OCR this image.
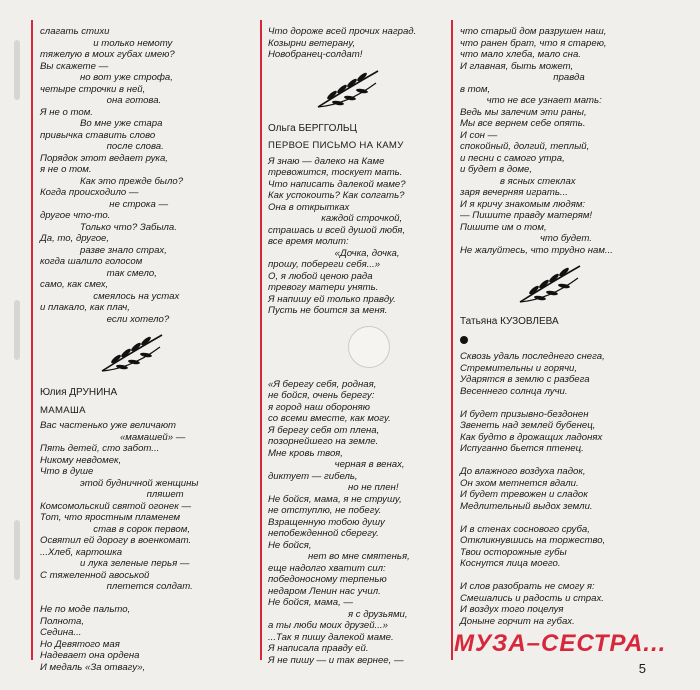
слагать стихи
и только немоту
тяжелую в моих губах имею?
Вы скажете —
но вот уже строфа,
четыре строчки в ней,
она готова.
Я не о том.
Во мне уже стара
привычка ставить слово
после слова.
Порядок этот ведает рука,
я не о том.
Как это прежде было?
Когда происходило —
не строка —
другое что-то.
Только что? Забыла.
Да, то, другое,
разве знало страх,
когда шалило голосом
так смело,
само, как смех,
смеялось на устах
и плакало, как плач,
если хотело?
Юлия ДРУНИНА
МАМАША
Вас частенько уже величают
«мамашей» —
Пять детей, сто забот...
Никому невдомек,
Что в душе
этой будничной женщины
пляшет
Комсомольский святой огонек —
Тот, что яростным пламенем
став в сорок первом,
Освятил ей дорогу в военкомат.
...Хлеб, картошка
и лука зеленые перья —
С тяжеленной авоськой
плетется солдат.
Не по моде пальто,
Полнота,
Седина...
Но Девятого мая
Надевает она ордена
И медаль «За отвагу»,
Что дороже всей прочих наград.
Козырни ветерану,
Новобранец-солдат!
Ольга БЕРГГОЛЬЦ
ПЕРВОЕ ПИСЬМО НА КАМУ
Я знаю — далеко на Каме
тревожится, тоскует мать.
Что написать далекой маме?
Как успокоить? Как солгать?
Она в открытках
каждой строчкой,
страшась и всей душой любя,
все время молит:
«Дочка, дочка,
прошу, побереги себя...»
О, я любой ценою рада
тревогу матери унять.
Я напишу ей только правду.
Пусть не боится за меня.
«Я берегу себя, родная,
не бойся, очень берегу:
я город наш обороняю
со всеми вместе, как могу.
Я берегу себя от плена,
позорнейшего на земле.
Мне кровь твоя,
черная в венах,
диктует — гибель,
но не плен!
Не бойся, мама, я не струшу,
не отступлю, не побегу.
Взращенную тобою душу
непобежденной сберегу.
Не бойся,
нет во мне смятенья,
еще надолго хватит сил:
победоносному терпенью
недаром Ленин нас учил.
Не бойся, мама, —
я с друзьями,
а ты люби моих друзей...»
...Так я пишу далекой маме.
Я написала правду ей.
Я не пишу — и так вернее, —
что старый дом разрушен наш,
что ранен брат, что я старею,
что мало хлеба, мало сна.
И главная, быть может,
правда
в том,
что не все узнает мать:
Ведь мы залечим эти раны,
Мы все вернем себе опять.
И сон —
спокойный, долгий, теплый,
и песни с самого утра,
и будет в доме,
в ясных стеклах
заря вечерняя играть...
И я кричу знакомым людям:
— Пишите правду матерям!
Пишите им о том,
что будет.
Не жалуйтесь, что трудно нам...
Татьяна КУЗОВЛЕВА
Сквозь удаль последнего снега,
Стремительны и горячи,
Ударятся в землю с разбега
Весеннего солнца лучи.
И будет призывно-бездонен
Звенеть над землей бубенец,
Как будто в дрожащих ладонях
Испуганно бьется птенец.
До влажного воздуха падок,
Он эхом метнется вдали.
И будет тревожен и сладок
Медлительный выдох земли.
И в стенах соснового сруба,
Откликнувшись на торжество,
Твои осторожные губы
Коснутся лица моего.
И слов разобрать не смогу я:
Смешались и радость и страх.
И воздух того поцелуя
Доныне горчит на губах.
МУЗА–СЕСТРА...
5
